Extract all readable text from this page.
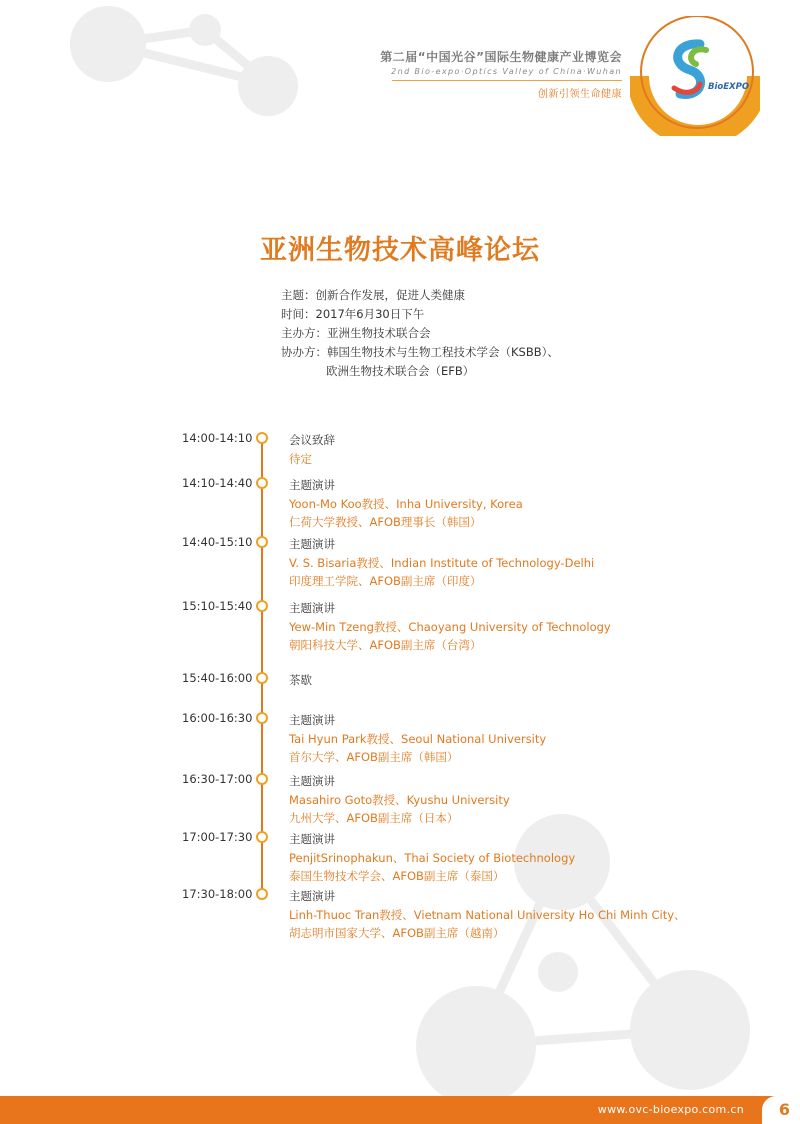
第二届“中国光谷”国际生物健康产业博览会
2nd Bio-expo·Optics Valley of China·Wuhan
创新引领生命健康
BioEXPO
亚洲生物技术高峰论坛
主题：创新合作发展，促进人类健康
时间：2017年6月30日下午
主办方：亚洲生物技术联合会
协办方：韩国生物技术与生物工程技术学会（KSBB）、
欧洲生物技术联合会（EFB）
14:00-14:10	会议致辞
待定
14:10-14:40	主题演讲
Yoon-Mo Koo教授、Inha University, Korea
仁荷大学教授、AFOB理事长（韩国）
14:40-15:10	主题演讲
V. S. Bisaria教授、Indian Institute of Technology-Delhi
印度理工学院、AFOB副主席（印度）
15:10-15:40	主题演讲
Yew-Min Tzeng教授、Chaoyang University of Technology
朝阳科技大学、AFOB副主席（台湾）
15:40-16:00	茶歇
16:00-16:30	主题演讲
Tai Hyun Park教授、Seoul National University
首尔大学、AFOB副主席（韩国）
16:30-17:00	主题演讲
Masahiro Goto教授、Kyushu University
九州大学、AFOB副主席（日本）
17:00-17:30	主题演讲
PenjitSrinophakun、Thai Society of Biotechnology
泰国生物技术学会、AFOB副主席（泰国）
17:30-18:00	主题演讲
Linh-Thuoc Tran教授、Vietnam National University Ho Chi Minh City、
胡志明市国家大学、AFOB副主席（越南）
www.ovc-bioexpo.com.cn 6
